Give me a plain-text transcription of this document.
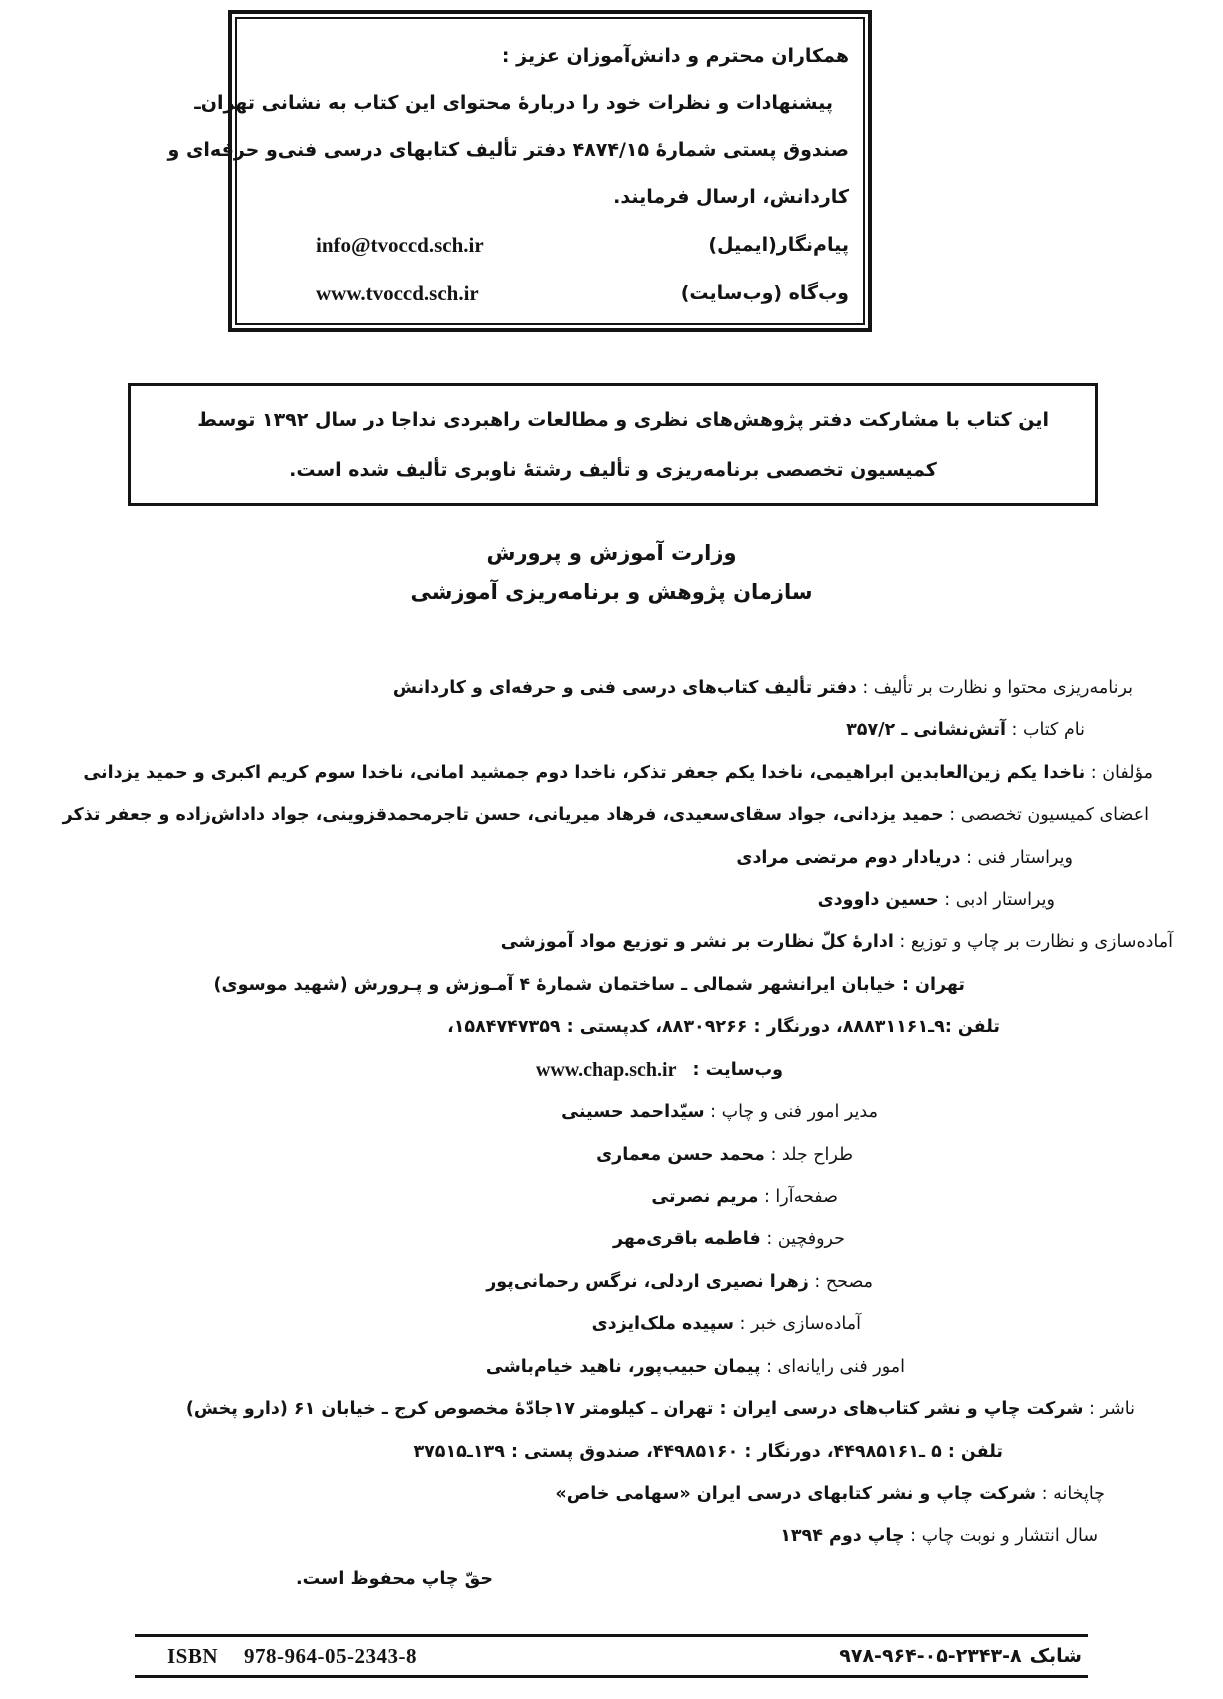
همکاران محترم و دانش‌آموزان عزیز :
پیشنهادات و نظرات خود را دربارهٔ محتوای این کتاب به نشانی تهران‌ـ
صندوق پستی شمارهٔ ۴۸۷۴/۱۵ دفتر تألیف کتابهای درسی فنی‌و حرفه‌ای و
کاردانش، ارسال فرمایند.
پیام‌نگار(ایمیل)
info@tvoccd.sch.ir
وب‌گاه (وب‌سایت)
www.tvoccd.sch.ir
این کتاب با مشارکت دفتر پژوهش‌های نظری و مطالعات راهبردی نداجا در سال ۱۳۹۲ توسط
کمیسیون تخصصی برنامه‌ریزی و تألیف رشتهٔ ناوبری تألیف شده است.
وزارت آموزش و پرورش
سازمان پژوهش و برنامه‌ریزی آموزشی
برنامه‌ریزی محتوا و نظارت بر تألیف : دفتر تألیف کتاب‌های درسی فنی و حرفه‌ای و کاردانش
نام کتاب : آتش‌نشانی ـ ۳۵۷/۲
مؤلفان : ناخدا یکم زین‌العابدین ابراهیمی، ناخدا یکم جعفر تذکر، ناخدا دوم جمشید امانی، ناخدا سوم کریم اکبری و حمید یزدانی
اعضای کمیسیون تخصصی : حمید یزدانی، جواد سقای‌سعیدی، فرهاد میریانی، حسن تاجرمحمدقزوینی، جواد داداش‌زاده و جعفر تذکر
ویراستار فنی : دریادار دوم مرتضی مرادی
ویراستار ادبی : حسین داوودی
آماده‌سازی و نظارت بر چاپ و توزیع : ادارهٔ کلّ نظارت بر نشر و توزیع مواد آموزشی
تهران : خیابان ایرانشهر شمالی ـ ساختمان شمارهٔ ۴ آمـوزش و پـرورش (شهید موسوی)
تلفن :۹ـ۸۸۸۳۱۱۶۱، دورنگار : ۸۸۳۰۹۲۶۶، کدپستی : ۱۵۸۴۷۴۷۳۵۹،
وب‌سایت : www.chap.sch.ir
مدیر امور فنی و چاپ : سیّداحمد حسینی
طراح جلد : محمد حسن معماری
صفحه‌آرا : مریم نصرتی
حروفچین : فاطمه باقری‌مهر
مصحح : زهرا نصیری اردلی، نرگس رحمانی‌پور
آماده‌سازی خبر : سپیده ملک‌ایزدی
امور فنی رایانه‌ای : پیمان حبیب‌پور، ناهید خیام‌باشی
ناشر : شرکت چاپ و نشر کتاب‌های درسی ایران : تهران ـ کیلومتر ۱۷جادّهٔ مخصوص کرج ـ خیابان ۶۱ (دارو پخش)
تلفن : ۵ ـ۴۴۹۸۵۱۶۱، دورنگار : ۴۴۹۸۵۱۶۰، صندوق پستی : ۱۳۹ـ۳۷۵۱۵
چاپخانه : شرکت چاپ و نشر کتابهای درسی ایران «سهامی خاص»
سال انتشار و نوبت چاپ : چاپ دوم ۱۳۹۴
حقّ چاپ محفوظ است.
ISBN 978-964-05-2343-8	شابک
۹۷۸-۹۶۴-۰۵-۲۳۴۳-۸
